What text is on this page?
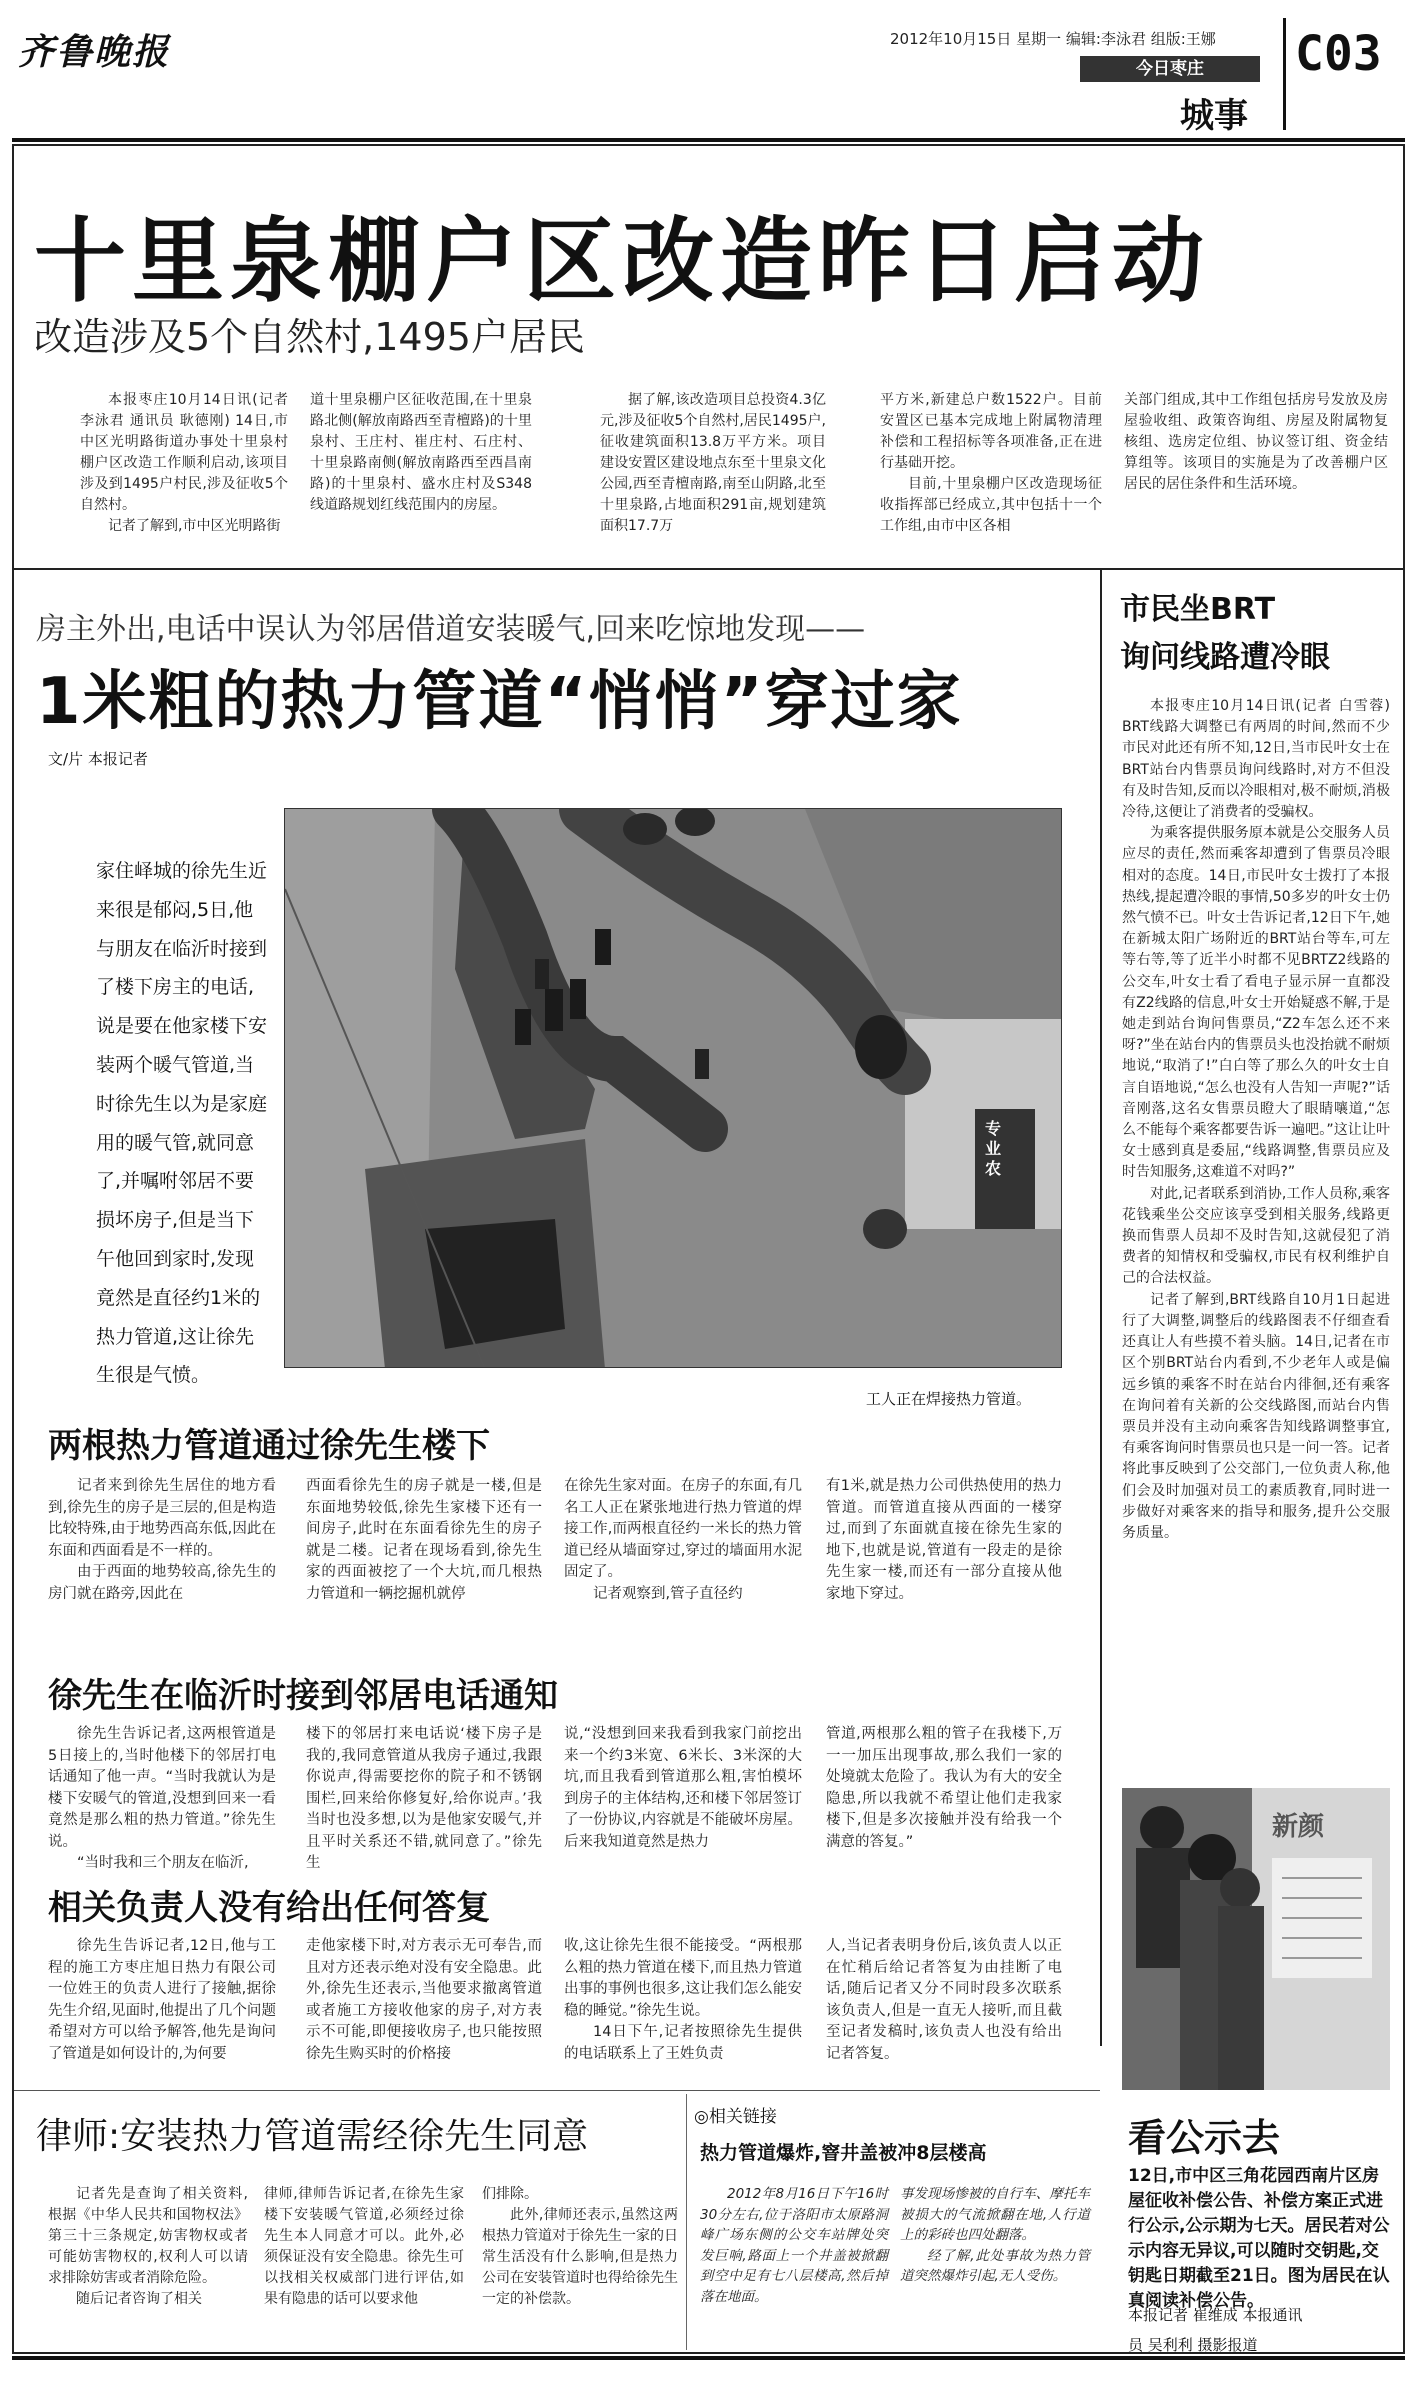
齐鲁晚报	2012年10月15日 星期一 编辑:李泳君 组版:王娜
今日枣庄
城事
C03
十里泉棚户区改造昨日启动
改造涉及5个自然村,1495户居民

本报枣庄10月14日讯(记者 李泳君 通讯员 耿德刚) 14日,市中区光明路街道办事处十里泉村棚户区改造工作顺利启动,该项目涉及到1495户村民,涉及征收5个自然村。

记者了解到,市中区光明路街

道十里泉棚户区征收范围,在十里泉路北侧(解放南路西至青檀路)的十里泉村、王庄村、崔庄村、石庄村、十里泉路南侧(解放南路西至西昌南路)的十里泉村、盛水庄村及S348线道路规划红线范围内的房屋。

据了解,该改造项目总投资4.3亿元,涉及征收5个自然村,居民1495户,征收建筑面积13.8万平方米。项目建设安置区建设地点东至十里泉文化公园,西至青檀南路,南至山阴路,北至十里泉路,占地面积291亩,规划建筑面积17.7万

平方米,新建总户数1522户。目前安置区已基本完成地上附属物清理补偿和工程招标等各项准备,正在进行基础开挖。

目前,十里泉棚户区改造现场征收指挥部已经成立,其中包括十一个工作组,由市中区各相

关部门组成,其中工作组包括房号发放及房屋验收组、政策咨询组、房屋及附属物复核组、选房定位组、协议签订组、资金结算组等。该项目的实施是为了改善棚户区居民的居住条件和生活环境。

房主外出,电话中误认为邻居借道安装暖气,回来吃惊地发现——
1米粗的热力管道“悄悄”穿过家
文/片 本报记者
家住峄城的徐先生近来很是郁闷,5日,他与朋友在临沂时接到了楼下房主的电话,说是要在他家楼下安装两个暖气管道,当时徐先生以为是家庭用的暖气管,就同意了,并嘱咐邻居不要损坏房子,但是当下午他回到家时,发现竟然是直径约1米的热力管道,这让徐先生很是气愤。
专业农
工人正在焊接热力管道。
两根热力管道通过徐先生楼下

记者来到徐先生居住的地方看到,徐先生的房子是三层的,但是构造比较特殊,由于地势西高东低,因此在东面和西面看是不一样的。

由于西面的地势较高,徐先生的房门就在路旁,因此在

西面看徐先生的房子就是一楼,但是东面地势较低,徐先生家楼下还有一间房子,此时在东面看徐先生的房子就是二楼。记者在现场看到,徐先生家的西面被挖了一个大坑,而几根热力管道和一辆挖掘机就停

在徐先生家对面。在房子的东面,有几名工人正在紧张地进行热力管道的焊接工作,而两根直径约一米长的热力管道已经从墙面穿过,穿过的墙面用水泥固定了。

记者观察到,管子直径约

有1米,就是热力公司供热使用的热力管道。而管道直接从西面的一楼穿过,而到了东面就直接在徐先生家的地下,也就是说,管道有一段走的是徐先生家一楼,而还有一部分直接从他家地下穿过。

徐先生在临沂时接到邻居电话通知

徐先生告诉记者,这两根管道是5日接上的,当时他楼下的邻居打电话通知了他一声。“当时我就认为是楼下安暖气的管道,没想到回来一看竟然是那么粗的热力管道。”徐先生说。

“当时我和三个朋友在临沂,

楼下的邻居打来电话说‘楼下房子是我的,我同意管道从我房子通过,我跟你说声,得需要挖你的院子和不锈钢围栏,回来给你修复好,给你说声。’我当时也没多想,以为是他家安暖气,并且平时关系还不错,就同意了。”徐先生

说,“没想到回来我看到我家门前挖出来一个约3米宽、6米长、3米深的大坑,而且我看到管道那么粗,害怕模坏到房子的主体结构,还和楼下邻居签订了一份协议,内容就是不能破坏房屋。后来我知道竟然是热力

管道,两根那么粗的管子在我楼下,万一一加压出现事故,那么我们一家的处境就太危险了。我认为有大的安全隐患,所以我就不希望让他们走我家楼下,但是多次接触并没有给我一个满意的答复。”

相关负责人没有给出任何答复

徐先生告诉记者,12日,他与工程的施工方枣庄旭日热力有限公司一位姓王的负责人进行了接触,据徐先生介绍,见面时,他提出了几个问题希望对方可以给予解答,他先是询问了管道是如何设计的,为何要

走他家楼下时,对方表示无可奉告,而且对方还表示绝对没有安全隐患。此外,徐先生还表示,当他要求撤离管道或者施工方接收他家的房子,对方表示不可能,即便接收房子,也只能按照徐先生购买时的价格接

收,这让徐先生很不能接受。“两根那么粗的热力管道在楼下,而且热力管道出事的事例也很多,这让我们怎么能安稳的睡觉。”徐先生说。

14日下午,记者按照徐先生提供的电话联系上了王姓负责

人,当记者表明身份后,该负责人以正在忙稍后给记者答复为由挂断了电话,随后记者又分不同时段多次联系该负责人,但是一直无人接听,而且截至记者发稿时,该负责人也没有给出记者答复。

律师:安装热力管道需经徐先生同意

记者先是查询了相关资料,根据《中华人民共和国物权法》第三十三条规定,妨害物权或者可能妨害物权的,权利人可以请求排除妨害或者消除危险。

随后记者咨询了相关

律师,律师告诉记者,在徐先生家楼下安装暖气管道,必须经过徐先生本人同意才可以。此外,必须保证没有安全隐患。徐先生可以找相关权威部门进行评估,如果有隐患的话可以要求他

们排除。

此外,律师还表示,虽然这两根热力管道对于徐先生一家的日常生活没有什么影响,但是热力公司在安装管道时也得给徐先生一定的补偿款。

◎相关链接
热力管道爆炸,窨井盖被冲8层楼高

2012年8月16日下午16时30分左右,位于洛阳市太原路洞峰广场东侧的公交车站牌处突发巨响,路面上一个井盖被掀翻到空中足有七八层楼高,然后掉落在地面。

事发现场惨被的自行车、摩托车被损大的气流掀翻在地,人行道上的彩砖也四处翻落。

经了解,此处事故为热力管道突然爆炸引起,无人受伤。

市民坐BRT
询问线路遭冷眼

本报枣庄10月14日讯(记者 白雪蓉) BRT线路大调整已有两周的时间,然而不少市民对此还有所不知,12日,当市民叶女士在BRT站台内售票员询问线路时,对方不但没有及时告知,反而以冷眼相对,极不耐烦,消极冷待,这便让了消费者的受骗权。

为乘客提供服务原本就是公交服务人员应尽的责任,然而乘客却遭到了售票员冷眼相对的态度。14日,市民叶女士拨打了本报热线,提起遭冷眼的事情,50多岁的叶女士仍然气愤不已。叶女士告诉记者,12日下午,她在新城太阳广场附近的BRT站台等车,可左等右等,等了近半小时都不见BRTZ2线路的公交车,叶女士看了看电子显示屏一直都没有Z2线路的信息,叶女士开始疑惑不解,于是她走到站台询问售票员,“Z2车怎么还不来呀?”坐在站台内的售票员头也没抬就不耐烦地说,“取消了!”白白等了那么久的叶女士自言自语地说,“怎么也没有人告知一声呢?”话音刚落,这名女售票员瞪大了眼睛嚷道,“怎么不能每个乘客都要告诉一遍吧。”这让让叶女士感到真是委屈,“线路调整,售票员应及时告知服务,这难道不对吗?”

对此,记者联系到消协,工作人员称,乘客花钱乘坐公交应该享受到相关服务,线路更换而售票人员却不及时告知,这就侵犯了消费者的知情权和受骗权,市民有权利维护自己的合法权益。

记者了解到,BRT线路自10月1日起进行了大调整,调整后的线路图表不仔细查看还真让人有些摸不着头脑。14日,记者在市区个别BRT站台内看到,不少老年人或是偏远乡镇的乘客不时在站台内徘徊,还有乘客在询问着有关新的公交线路图,而站台内售票员并没有主动向乘客告知线路调整事宜,有乘客询问时售票员也只是一问一答。记者将此事反映到了公交部门,一位负责人称,他们会及时加强对员工的素质教育,同时进一步做好对乘客来的指导和服务,提升公交服务质量。

新颜
看公示去
12日,市中区三角花园西南片区房屋征收补偿公告、补偿方案正式进行公示,公示期为七天。居民若对公示内容无异议,可以随时交钥匙,交钥匙日期截至21日。图为居民在认真阅读补偿公告。
本报记者 崔维成 本报通讯
员 吴利利 摄影报道
